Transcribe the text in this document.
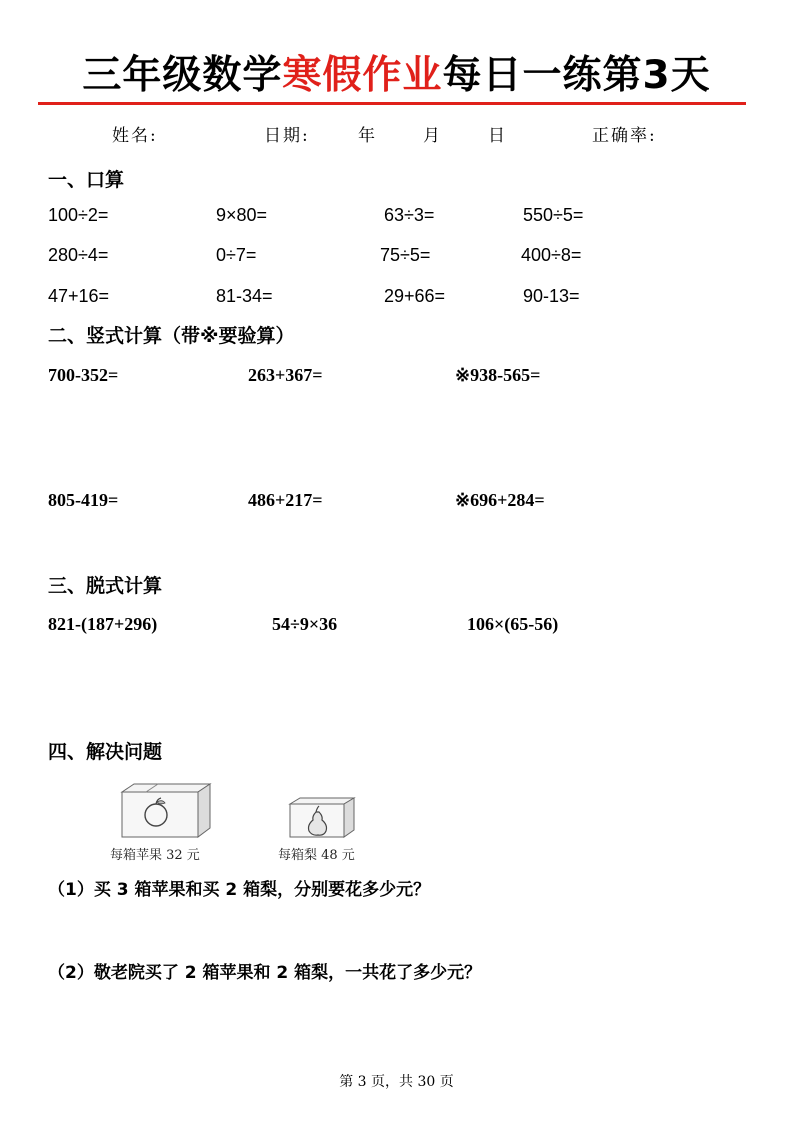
三年级数学寒假作业每日一练第3天
姓名:	日期:	年	月	日	正确率:
一、口算
100÷2=	9×80=	63÷3=	550÷5=
280÷4=	0÷7=	75÷5=	400÷8=
47+16=	81-34=	29+66=	90-13=
二、竖式计算（带※要验算）
700-352=	263+367=	※938-565=
805-419=	486+217=	※696+284=
三、脱式计算
821-(187+296)	54÷9×36	106×(65-56)
四、解决问题
每箱苹果 32 元	每箱梨 48 元
（1）买 3 箱苹果和买 2 箱梨，分别要花多少元？
（2）敬老院买了 2 箱苹果和 2 箱梨，一共花了多少元？
第 3 页，共 30 页
